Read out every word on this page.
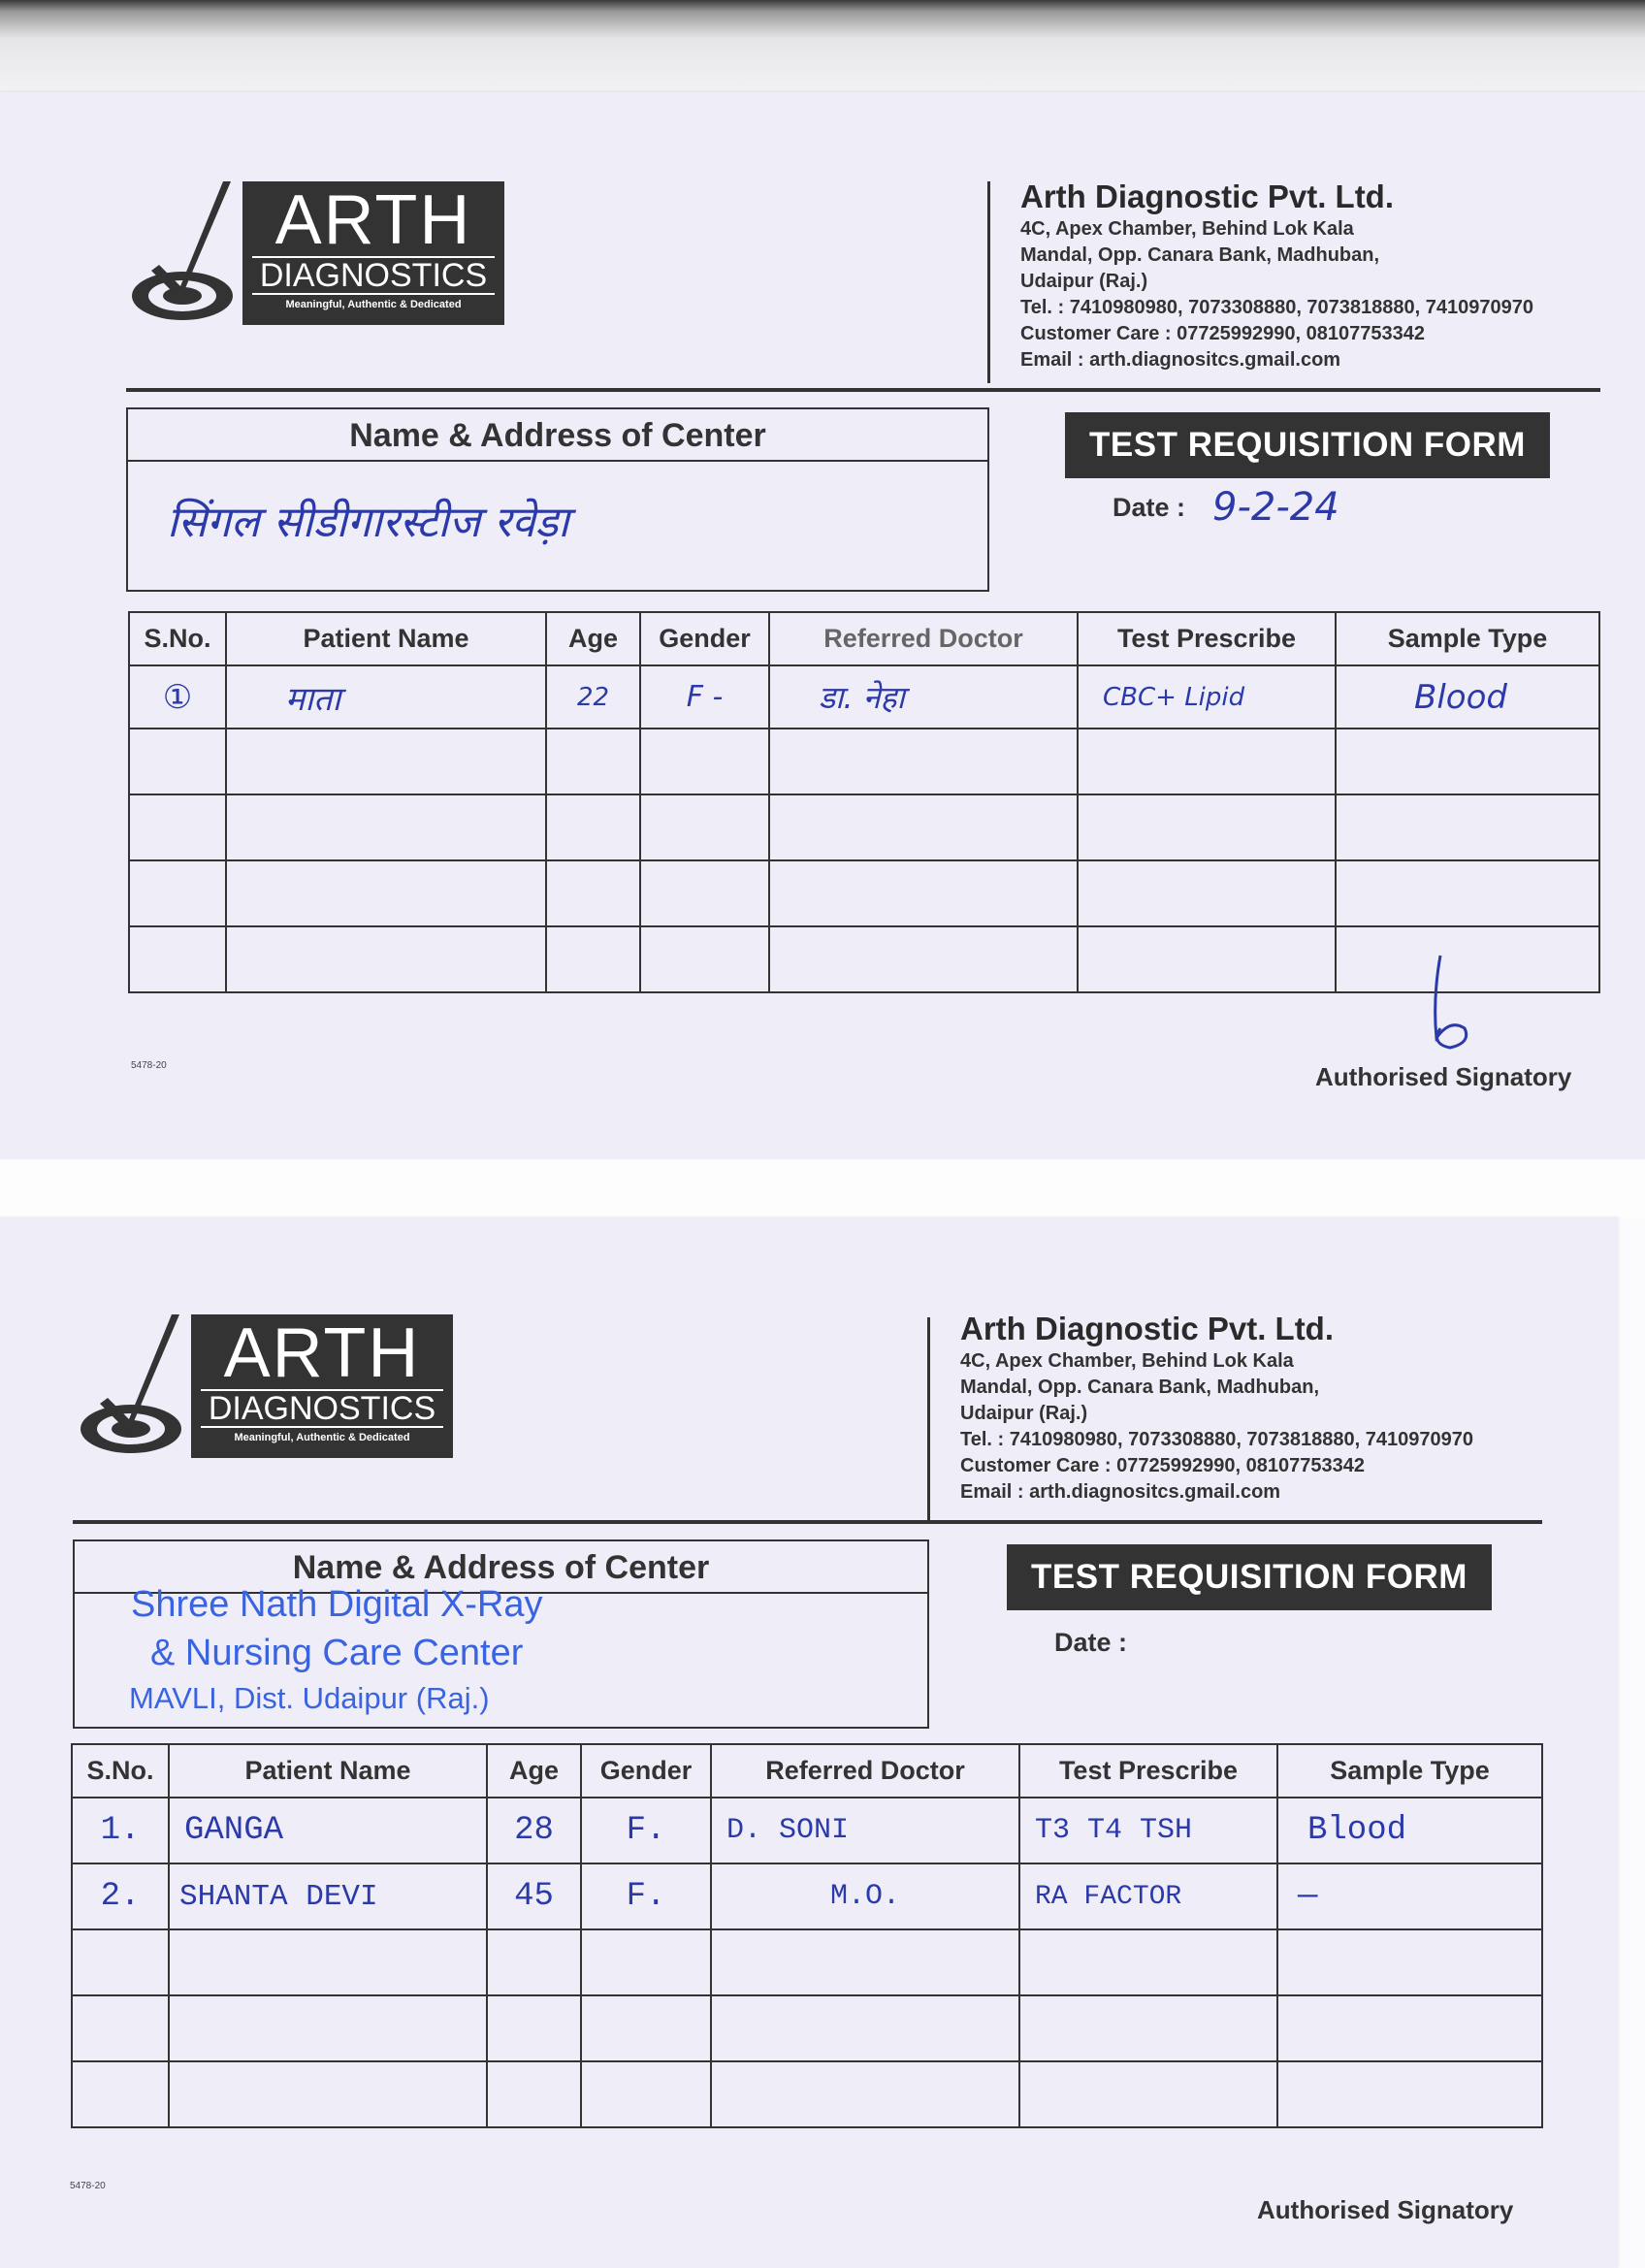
ARTH
DIAGNOSTICS
Meaningful, Authentic & Dedicated
Arth Diagnostic Pvt. Ltd.
4C, Apex Chamber, Behind Lok Kala
Mandal, Opp. Canara Bank, Madhuban,
Udaipur (Raj.)
Tel. : 7410980980, 7073308880, 7073818880, 7410970970
Customer Care : 07725992990, 08107753342
Email : arth.diagnositcs.gmail.com
Name & Address of Center
सिंगल सीडीगारस्टीज रवेड़ा
TEST REQUISITION FORM
Date : 9-2-24
S.No.	Patient Name	Age	Gender	Referred Doctor	Test Prescribe	Sample Type
①	माता	22	F -	डा. नेहा	CBC+ Lipid	Blood

Authorised Signatory
5478-20
ARTH
DIAGNOSTICS
Meaningful, Authentic & Dedicated
Arth Diagnostic Pvt. Ltd.
4C, Apex Chamber, Behind Lok Kala
Mandal, Opp. Canara Bank, Madhuban,
Udaipur (Raj.)
Tel. : 7410980980, 7073308880, 7073818880, 7410970970
Customer Care : 07725992990, 08107753342
Email : arth.diagnositcs.gmail.com
Name & Address of Center
Shree Nath Digital X-Ray
& Nursing Care Center
MAVLI, Dist. Udaipur (Raj.)
TEST REQUISITION FORM
Date :
S.No.	Patient Name	Age	Gender	Referred Doctor	Test Prescribe	Sample Type
1.	GANGA	28	F.	D. SONI	T3 T4 TSH	Blood
2.	SHANTA DEVI	45	F.	M.O.	RA FACTOR	—

Authorised Signatory
5478-20
